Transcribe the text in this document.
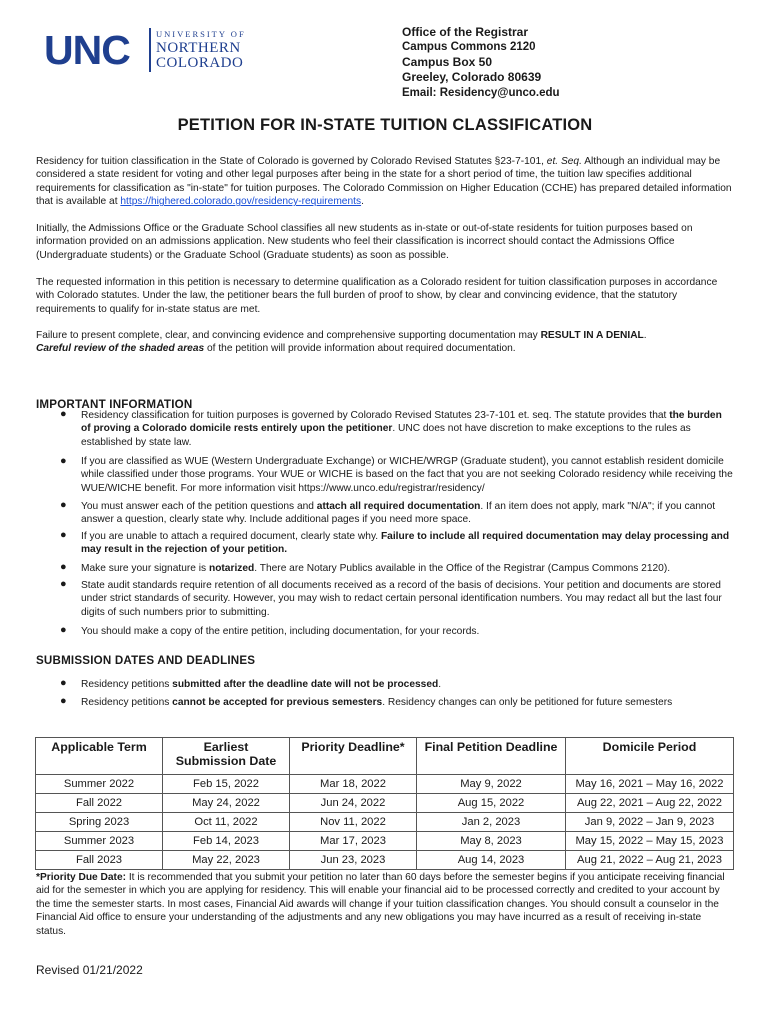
UNC	UNIVERSITY OF
NORTHERN
COLORADO
Office of the Registrar
Campus Commons 2120
Campus Box 50
Greeley, Colorado 80639
Email: Residency@unco.edu
PETITION FOR IN-STATE TUITION CLASSIFICATION

Residency for tuition classification in the State of Colorado is governed by Colorado Revised Statutes §23-7-101, et. Seq. Although an individual may be considered a state resident for voting and other legal purposes after being in the state for a short period of time, the tuition law specifies additional requirements for classification as "in-state" for tuition purposes. The Colorado Commission on Higher Education (CCHE) has prepared detailed information that is available at https://highered.colorado.gov/residency-requirements.

Initially, the Admissions Office or the Graduate School classifies all new students as in-state or out-of-state residents for tuition purposes based on information provided on an admissions application. New students who feel their classification is incorrect should contact the Admissions Office (Undergraduate students) or the Graduate School (Graduate students) as soon as possible.

The requested information in this petition is necessary to determine qualification as a Colorado resident for tuition classification purposes in accordance with Colorado statutes. Under the law, the petitioner bears the full burden of proof to show, by clear and convincing evidence, that the statutory requirements to qualify for in-state status are met.

Failure to present complete, clear, and convincing evidence and comprehensive supporting documentation may RESULT IN A DENIAL.
Careful review of the shaded areas of the petition will provide information about required documentation.

IMPORTANT INFORMATION
● Residency classification for tuition purposes is governed by Colorado Revised Statutes 23-7-101 et. seq. The statute provides that the burden of proving a Colorado domicile rests entirely upon the petitioner. UNC does not have discretion to make exceptions to the rules as established by state law.

● If you are classified as WUE (Western Undergraduate Exchange) or WICHE/WRGP (Graduate student), you cannot establish resident domicile while classified under those programs. Your WUE or WICHE is based on the fact that you are not seeking Colorado residency while receiving the WUE/WICHE benefit. For more information visit https://www.unco.edu/registrar/residency/

● You must answer each of the petition questions and attach all required documentation. If an item does not apply, mark "N/A"; if you cannot answer a question, clearly state why. Include additional pages if you need more space.

● If you are unable to attach a required document, clearly state why. Failure to include all required documentation may delay processing and may result in the rejection of your petition.

● Make sure your signature is notarized. There are Notary Publics available in the Office of the Registrar (Campus Commons 2120).

● State audit standards require retention of all documents received as a record of the basis of decisions. Your petition and documents are stored under strict standards of security. However, you may wish to redact certain personal identification numbers. You may redact all but the last four digits of such numbers prior to submitting.

● You should make a copy of the entire petition, including documentation, for your records.

SUBMISSION DATES AND DEADLINES
● Residency petitions submitted after the deadline date will not be processed.

● Residency petitions cannot be accepted for previous semesters. Residency changes can only be petitioned for future semesters

Applicable Term	Earliest Submission Date	Priority Deadline*	Final Petition Deadline	Domicile Period
Summer 2022	Feb 15, 2022	Mar 18, 2022	May 9, 2022	May 16, 2021 – May 16, 2022
Fall 2022	May 24, 2022	Jun 24, 2022	Aug 15, 2022	Aug 22, 2021 – Aug 22, 2022
Spring 2023	Oct 11, 2022	Nov 11, 2022	Jan 2, 2023	Jan 9, 2022 – Jan 9, 2023
Summer 2023	Feb 14, 2023	Mar 17, 2023	May 8, 2023	May 15, 2022 – May 15, 2023
Fall 2023	May 22, 2023	Jun 23, 2023	Aug 14, 2023	Aug 21, 2022 – Aug 21, 2023

*Priority Due Date: It is recommended that you submit your petition no later than 60 days before the semester begins if you anticipate receiving financial aid for the semester in which you are applying for residency. This will enable your financial aid to be processed correctly and credited to your account by the time the semester starts. In most cases, Financial Aid awards will change if your tuition classification changes. You should consult a counselor in the Financial Aid office to ensure your understanding of the adjustments and any new obligations you may have incurred as a result of receiving in-state status.

Revised 01/21/2022
